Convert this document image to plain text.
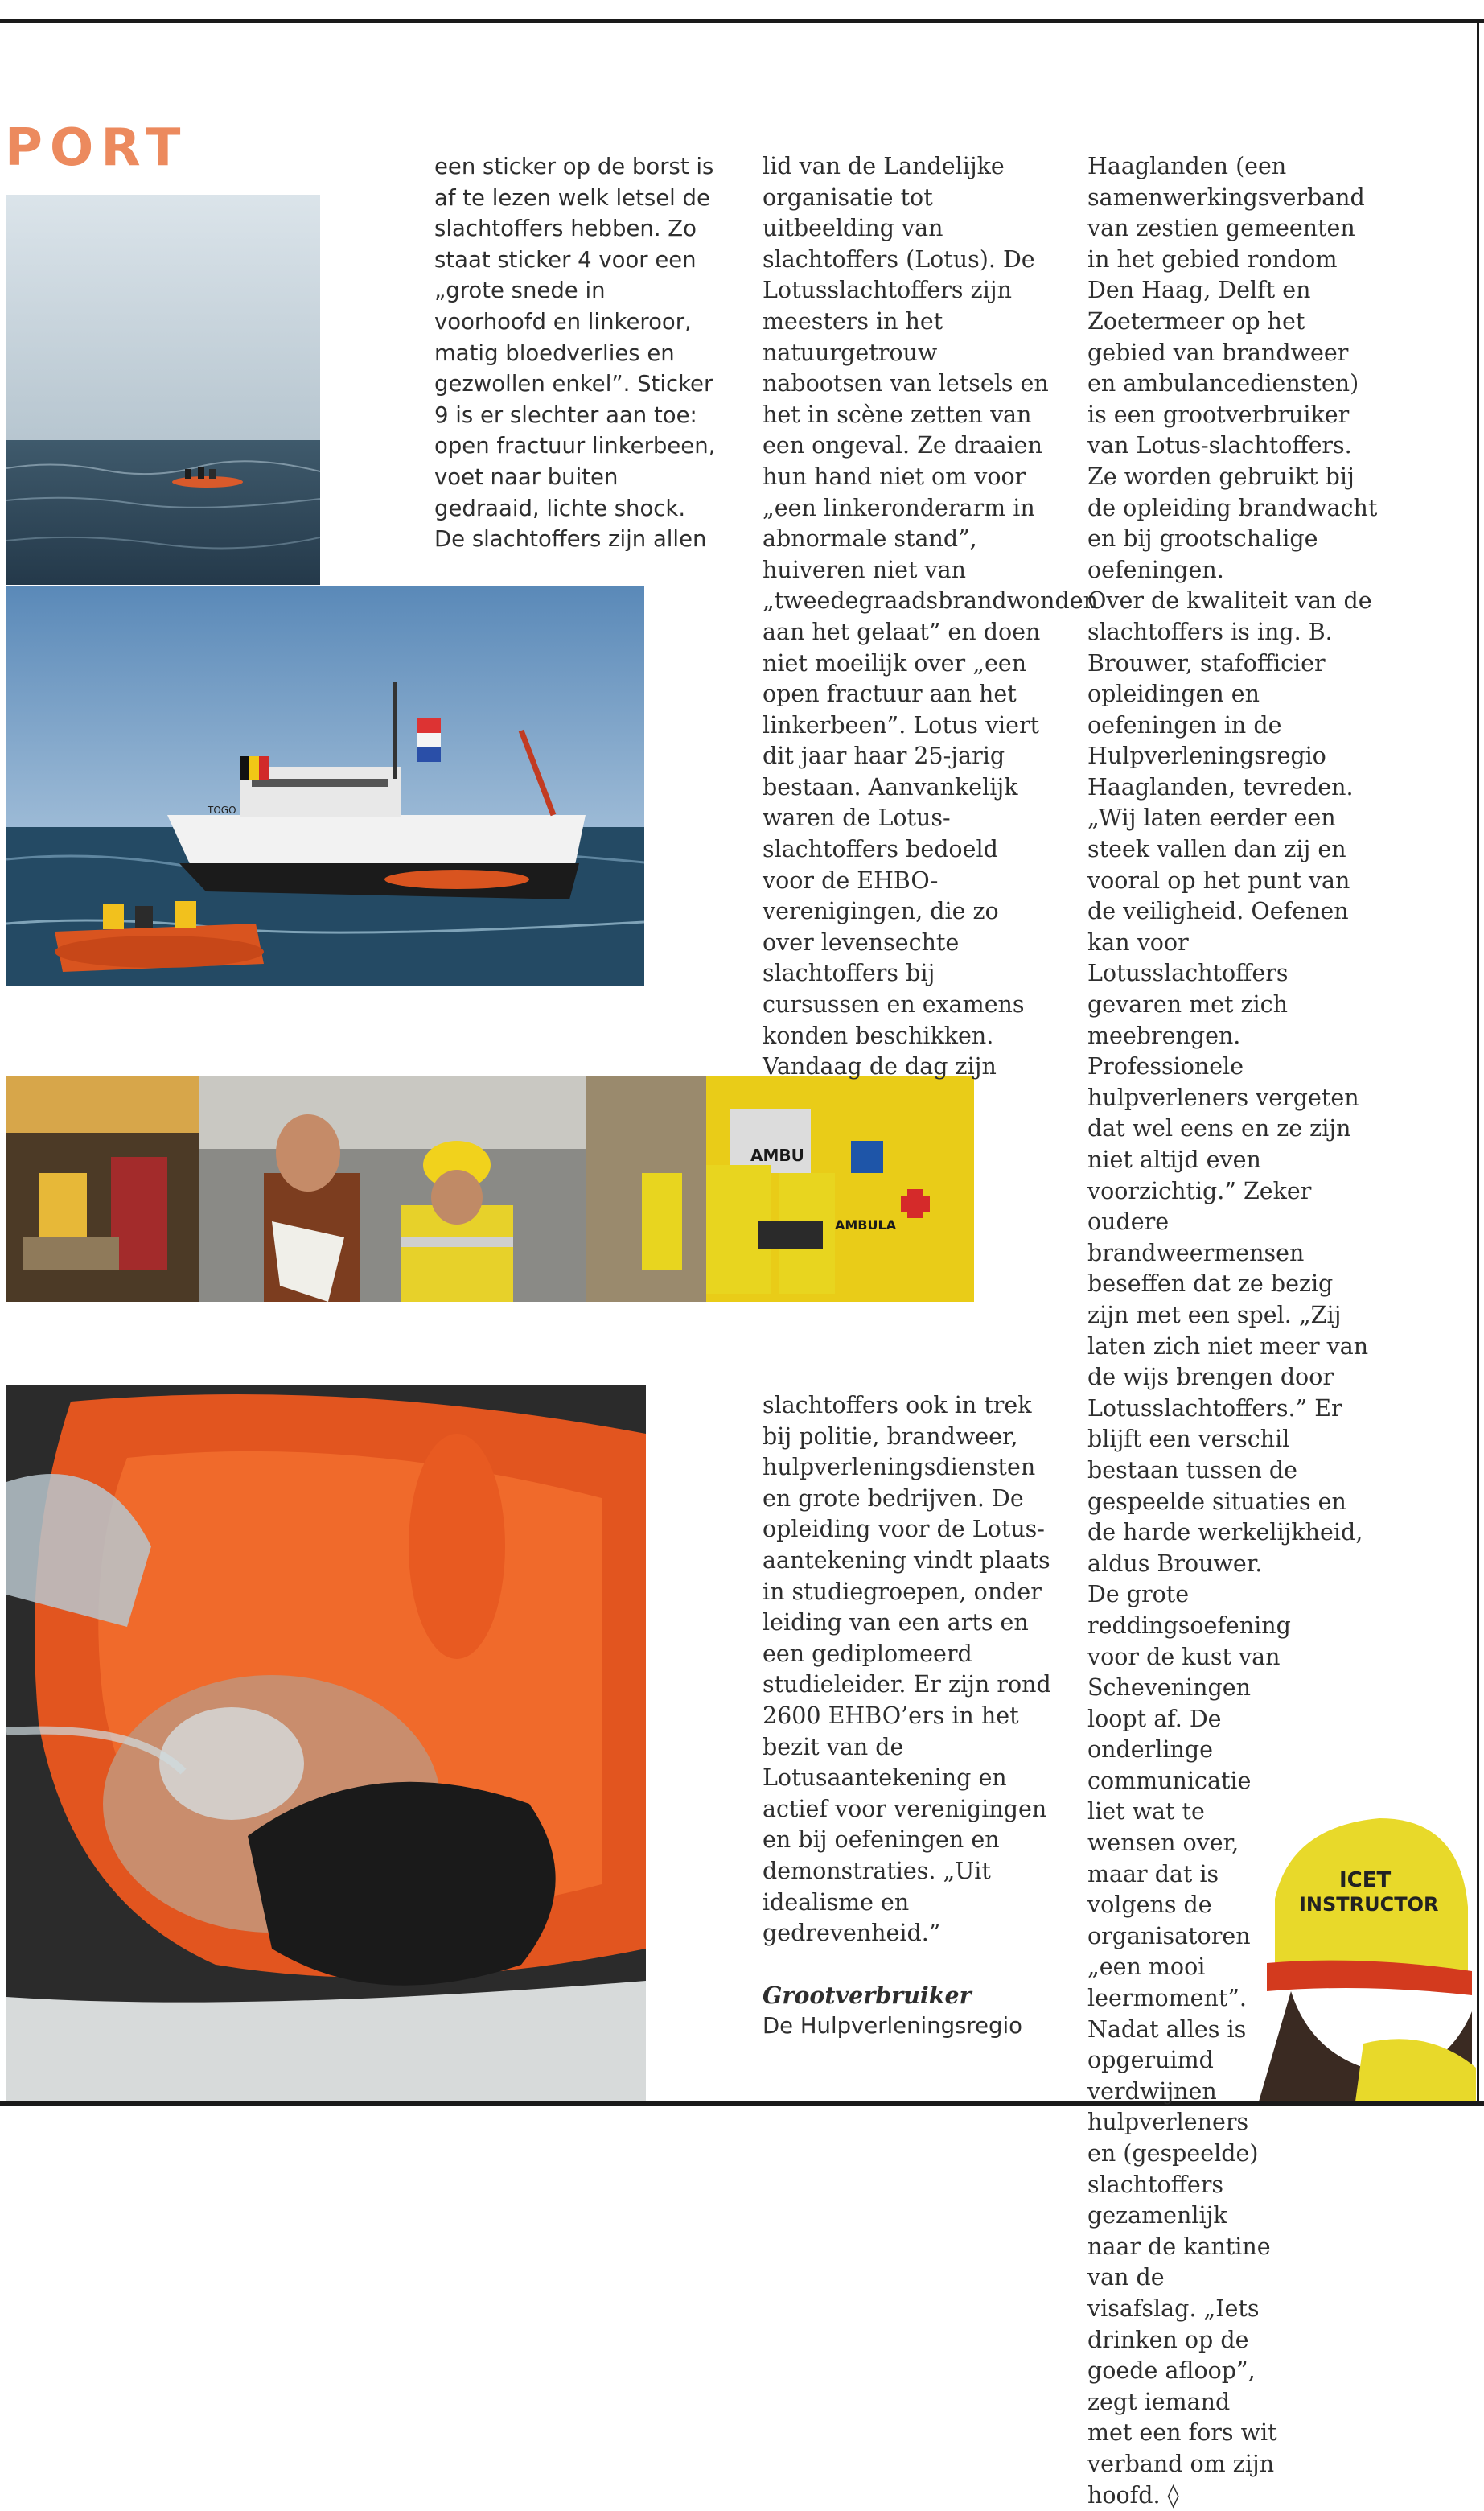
PORT
TOGO
AMBU
AMBULA
ICET
INSTRUCTOR

een sticker op de borst is af te lezen welk letsel de slachtoffers hebben. Zo staat sticker 4 voor een „grote snede in voorhoofd en linkeroor, matig bloedverlies en gezwollen enkel”. Sticker 9 is er slechter aan toe: open fractuur linkerbeen, voet naar buiten gedraaid, lichte shock.

De slachtoffers zijn allen

lid van de Landelijke organisatie tot uitbeelding van slachtoffers (Lotus). De Lotusslachtoffers zijn meesters in het natuurgetrouw nabootsen van letsels en het in scène zetten van een ongeval. Ze draaien hun hand niet om voor „een linkeronderarm in abnormale stand”, huiveren niet van „tweedegraadsbrandwonden aan het gelaat” en doen niet moeilijk over „een open fractuur aan het linkerbeen”. Lotus viert dit jaar haar 25-jarig bestaan. Aanvankelijk waren de Lotus-slachtoffers bedoeld voor de EHBO-verenigingen, die zo over levensechte slachtoffers bij cursussen en examens konden beschikken. Vandaag de dag zijn

slachtoffers ook in trek bij politie, brandweer, hulpverleningsdiensten en grote bedrijven. De opleiding voor de Lotus-aantekening vindt plaats in studiegroepen, onder leiding van een arts en een gediplomeerd studieleider. Er zijn rond 2600 EHBO’ers in het bezit van de Lotusaantekening en actief voor verenigingen en bij oefeningen en demonstraties. „Uit idealisme en gedrevenheid.”

Grootverbruiker

De Hulpverleningsregio

Haaglanden (een samenwerkingsverband van zestien gemeenten in het gebied rondom Den Haag, Delft en Zoetermeer op het gebied van brandweer en ambulancediensten) is een grootverbruiker van Lotus-slachtoffers. Ze worden gebruikt bij de opleiding brandwacht en bij grootschalige oefeningen.

Over de kwaliteit van de slachtoffers is ing. B. Brouwer, stafofficier opleidingen en oefeningen in de Hulpverleningsregio Haaglanden, tevreden. „Wij laten eerder een steek vallen dan zij en vooral op het punt van de veiligheid. Oefenen kan voor Lotusslachtoffers gevaren met zich meebrengen. Professionele hulpverleners vergeten dat wel eens en ze zijn niet altijd even voorzichtig.” Zeker oudere brandweermensen beseffen dat ze bezig zijn met een spel. „Zij laten zich niet meer van de wijs brengen door Lotusslachtoffers.” Er blijft een verschil bestaan tussen de gespeelde situaties en de harde werkelijkheid, aldus Brouwer.

De grote reddingsoefening voor de kust van Scheveningen loopt af. De onderlinge communicatie liet wat te wensen over, maar dat is volgens de organisatoren „een mooi leermoment”. Nadat alles is opgeruimd verdwijnen hulpverleners en (gespeelde) slachtoffers gezamenlijk naar de kantine van de visafslag. „Iets drinken op de goede afloop”, zegt iemand met een fors wit verband om zijn hoofd. ◊
